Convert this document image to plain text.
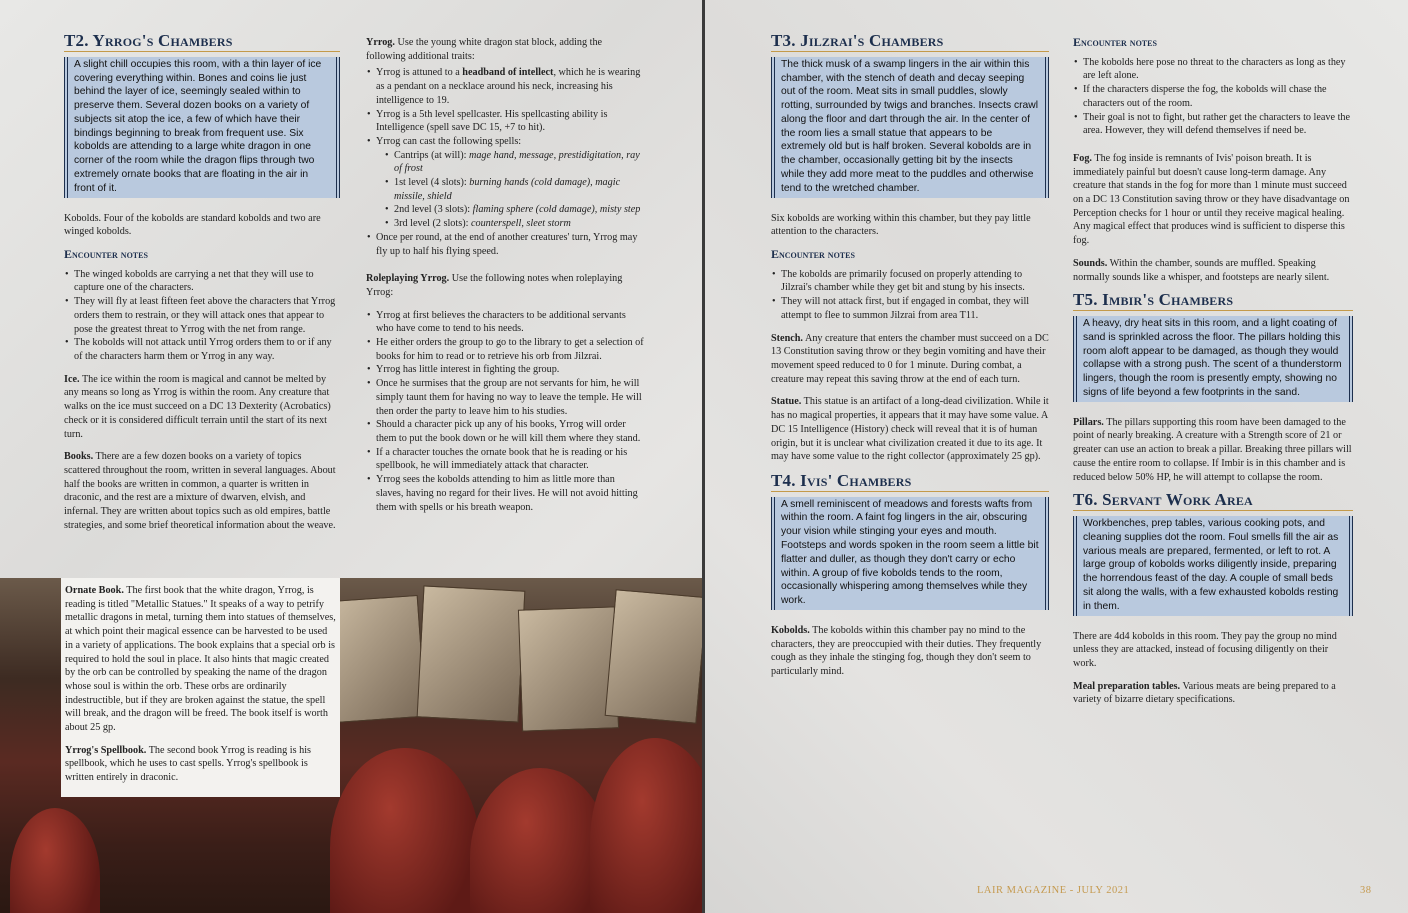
T2. Yrrog's Chambers
A slight chill occupies this room, with a thin layer of ice covering everything within. Bones and coins lie just behind the layer of ice, seemingly sealed within to preserve them. Several dozen books on a variety of subjects sit atop the ice, a few of which have their bindings beginning to break from frequent use. Six kobolds are attending to a large white dragon in one corner of the room while the dragon flips through two extremely ornate books that are floating in the air in front of it.

Kobolds. Four of the kobolds are standard kobolds and two are winged kobolds.

Encounter notes
• The winged kobolds are carrying a net that they will use to capture one of the characters.
• They will fly at least fifteen feet above the characters that Yrrog orders them to restrain, or they will attack ones that appear to pose the greatest threat to Yrrog with the net from range.
• The kobolds will not attack until Yrrog orders them to or if any of the characters harm them or Yrrog in any way.

Ice. The ice within the room is magical and cannot be melted by any means so long as Yrrog is within the room. Any creature that walks on the ice must succeed on a DC 13 Dexterity (Acrobatics) check or it is considered difficult terrain until the start of its next turn.

Books. There are a few dozen books on a variety of topics scattered throughout the room, written in several languages. About half the books are written in common, a quarter is written in draconic, and the rest are a mixture of dwarven, elvish, and infernal. They are written about topics such as old empires, battle strategies, and some brief theoretical information about the weave.

Ornate Book. The first book that the white dragon, Yrrog, is reading is titled "Metallic Statues." It speaks of a way to petrify metallic dragons in metal, turning them into statues of themselves, at which point their magical essence can be harvested to be used in a variety of applications. The book explains that a special orb is required to hold the soul in place. It also hints that magic created by the orb can be controlled by speaking the name of the dragon whose soul is within the orb. These orbs are ordinarily indestructible, but if they are broken against the statue, the spell will break, and the dragon will be freed. The book itself is worth about 25 gp.

Yrrog's Spellbook. The second book Yrrog is reading is his spellbook, which he uses to cast spells. Yrrog's spellbook is written entirely in draconic.

Yrrog. Use the young white dragon stat block, adding the following additional traits:

• Yrrog is attuned to a headband of intellect, which he is wearing as a pendant on a necklace around his neck, increasing his intelligence to 19.
• Yrrog is a 5th level spellcaster. His spellcasting ability is Intelligence (spell save DC 15, +7 to hit).
• Yrrog can cast the following spells:
• Cantrips (at will): mage hand, message, prestidigitation, ray of frost
• 1st level (4 slots): burning hands (cold damage), magic missile, shield
• 2nd level (3 slots): flaming sphere (cold damage), misty step
• 3rd level (2 slots): counterspell, sleet storm
• Once per round, at the end of another creatures' turn, Yrrog may fly up to half his flying speed.

Roleplaying Yrrog. Use the following notes when roleplaying Yrrog:

• Yrrog at first believes the characters to be additional servants who have come to tend to his needs.
• He either orders the group to go to the library to get a selection of books for him to read or to retrieve his orb from Jilzrai.
• Yrrog has little interest in fighting the group.
• Once he surmises that the group are not servants for him, he will simply taunt them for having no way to leave the temple. He will then order the party to leave him to his studies.
• Should a character pick up any of his books, Yrrog will order them to put the book down or he will kill them where they stand.
• If a character touches the ornate book that he is reading or his spellbook, he will immediately attack that character.
• Yrrog sees the kobolds attending to him as little more than slaves, having no regard for their lives. He will not avoid hitting them with spells or his breath weapon.
T3. Jilzrai's Chambers
The thick musk of a swamp lingers in the air within this chamber, with the stench of death and decay seeping out of the room. Meat sits in small puddles, slowly rotting, surrounded by twigs and branches. Insects crawl along the floor and dart through the air. In the center of the room lies a small statue that appears to be extremely old but is half broken. Several kobolds are in the chamber, occasionally getting bit by the insects while they add more meat to the puddles and otherwise tend to the wretched chamber.

Six kobolds are working within this chamber, but they pay little attention to the characters.

Encounter notes
• The kobolds are primarily focused on properly attending to Jilzrai's chamber while they get bit and stung by his insects.
• They will not attack first, but if engaged in combat, they will attempt to flee to summon Jilzrai from area T11.

Stench. Any creature that enters the chamber must succeed on a DC 13 Constitution saving throw or they begin vomiting and have their movement speed reduced to 0 for 1 minute. During combat, a creature may repeat this saving throw at the end of each turn.

Statue. This statue is an artifact of a long-dead civilization. While it has no magical properties, it appears that it may have some value. A DC 15 Intelligence (History) check will reveal that it is of human origin, but it is unclear what civilization created it due to its age. It may have some value to the right collector (approximately 25 gp).

T4. Ivis' Chambers
A smell reminiscent of meadows and forests wafts from within the room. A faint fog lingers in the air, obscuring your vision while stinging your eyes and mouth. Footsteps and words spoken in the room seem a little bit flatter and duller, as though they don't carry or echo within. A group of five kobolds tends to the room, occasionally whispering among themselves while they work.

Kobolds. The kobolds within this chamber pay no mind to the characters, they are preoccupied with their duties. They frequently cough as they inhale the stinging fog, though they don't seem to particularly mind.

Encounter notes
• The kobolds here pose no threat to the characters as long as they are left alone.
• If the characters disperse the fog, the kobolds will chase the characters out of the room.
• Their goal is not to fight, but rather get the characters to leave the area. However, they will defend themselves if need be.

Fog. The fog inside is remnants of Ivis' poison breath. It is immediately painful but doesn't cause long-term damage. Any creature that stands in the fog for more than 1 minute must succeed on a DC 13 Constitution saving throw or they have disadvantage on Perception checks for 1 hour or until they receive magical healing. Any magical effect that produces wind is sufficient to disperse this fog.

Sounds. Within the chamber, sounds are muffled. Speaking normally sounds like a whisper, and footsteps are nearly silent.

T5. Imbir's Chambers
A heavy, dry heat sits in this room, and a light coating of sand is sprinkled across the floor. The pillars holding this room aloft appear to be damaged, as though they would collapse with a strong push. The scent of a thunderstorm lingers, though the room is presently empty, showing no signs of life beyond a few footprints in the sand.

Pillars. The pillars supporting this room have been damaged to the point of nearly breaking. A creature with a Strength score of 21 or greater can use an action to break a pillar. Breaking three pillars will cause the entire room to collapse. If Imbir is in this chamber and is reduced below 50% HP, he will attempt to collapse the room.

T6. Servant Work Area
Workbenches, prep tables, various cooking pots, and cleaning supplies dot the room. Foul smells fill the air as various meals are prepared, fermented, or left to rot. A large group of kobolds works diligently inside, preparing the horrendous feast of the day. A couple of small beds sit along the walls, with a few exhausted kobolds resting in them.

There are 4d4 kobolds in this room. They pay the group no mind unless they are attacked, instead of focusing diligently on their work.

Meal preparation tables. Various meats are being prepared to a variety of bizarre dietary specifications.

LAIR MAGAZINE - JULY 2021	38
